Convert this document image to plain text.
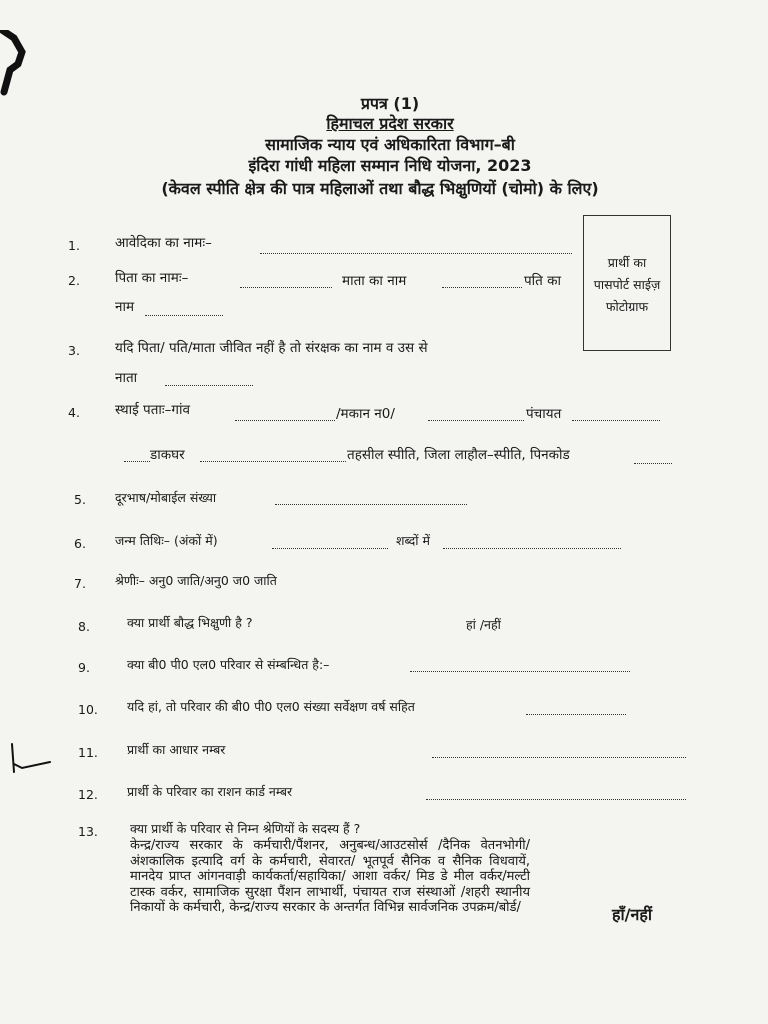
प्रपत्र (1)
हिमाचल प्रदेश सरकार
सामाजिक न्याय एवं अधिकारिता विभाग–बी
इंदिरा गांधी महिला सम्मान निधि योजना, 2023
(केवल स्पीति क्षेत्र की पात्र महिलाओं तथा बौद्ध भिक्षुणियों (चोमो) के लिए)
प्रार्थी का
पासपोर्ट साईज़
फोटोग्राफ
1.	आवेदिका का नामः–
2.	पिता का नामः–	माता का नाम	पति का
नाम
3.	यदि पिता/ पति/माता जीवित नहीं है तो संरक्षक का नाम व उस से
नाता
4.	स्थाई पताः–गांव	/मकान न0/	पंचायत
डाकघर	तहसील स्पीति, जिला लाहौल–स्पीति, पिनकोड
5. दूरभाष/मोबाईल संख्या
6. जन्म तिथिः– (अंकों में)	शब्दों में
7. श्रेणीः– अनु0 जाति/अनु0 ज0 जाति
8.	क्या प्रार्थी बौद्ध भिक्षुणी है ?	हां /नहीं
9.	क्या बी0 पी0 एल0 परिवार से संम्बन्धित है:–
10. यदि हां, तो परिवार की बी0 पी0 एल0 संख्या सर्वेक्षण वर्ष सहित
11. प्रार्थी का आधार नम्बर
12. प्रार्थी के परिवार का राशन कार्ड नम्बर
13.	क्या प्रार्थी के परिवार से निम्न श्रेणियों के सदस्य हैं ?
केन्द्र/राज्य सरकार के कर्मचारी/पैंशनर, अनुबन्ध/आउटसोर्स /दैनिक वेतनभोगी/ अंशकालिक इत्यादि वर्ग के कर्मचारी, सेवारत/ भूतपूर्व सैनिक व सैनिक विधवायें, मानदेय प्राप्त आंगनवाड़ी कार्यकर्ता/सहायिका/ आशा वर्कर/ मिड डे मील वर्कर/मल्टी टास्क वर्कर, सामाजिक सुरक्षा पैंशन लाभार्थी, पंचायत राज संस्थाओं /शहरी स्थानीय निकायों के कर्मचारी, केन्द्र/राज्य सरकार के अन्तर्गत विभिन्न सार्वजनिक उपक्रम/बोर्ड/	हाँ/नहीं
